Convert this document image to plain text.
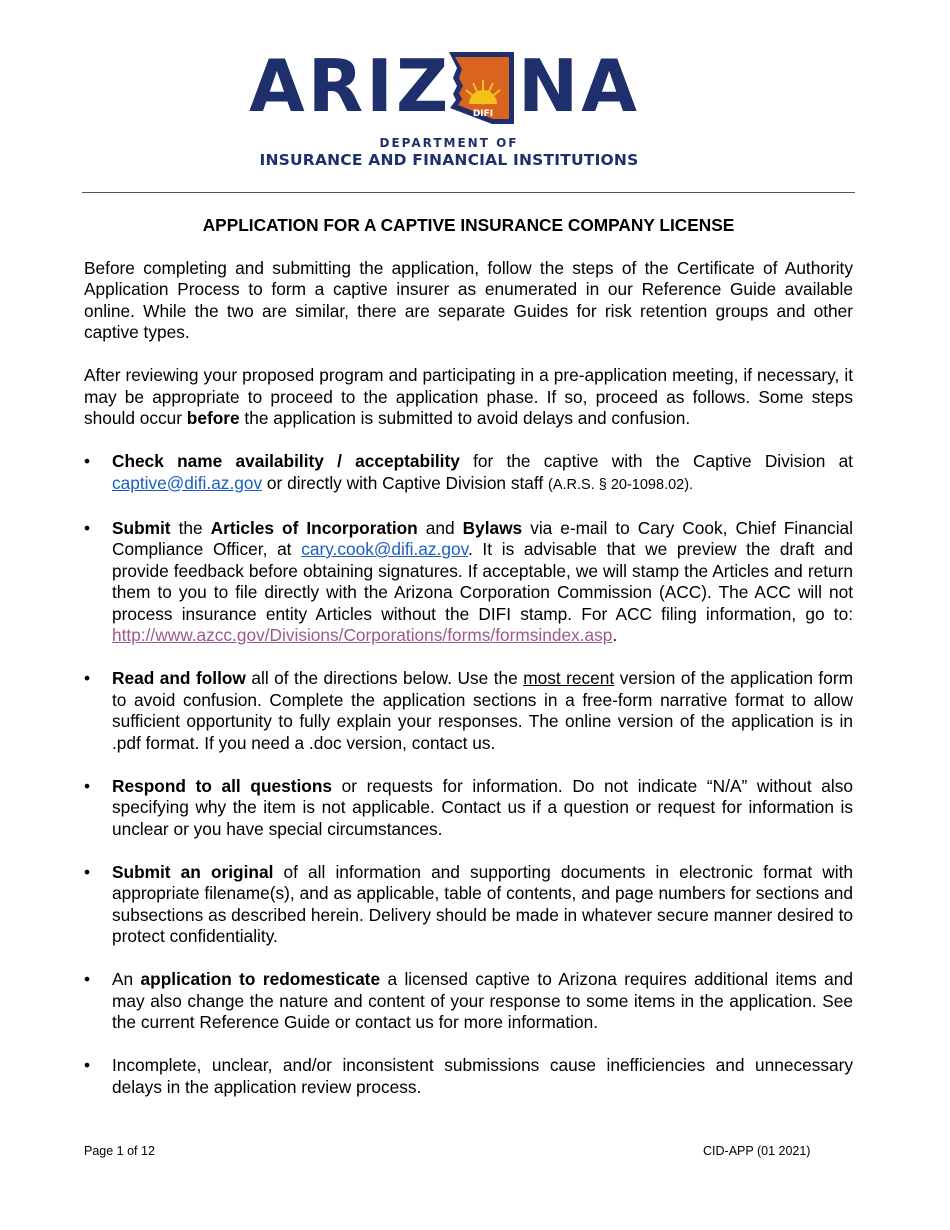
ARIZ DIFI NA
DEPARTMENT OF
INSURANCE AND FINANCIAL INSTITUTIONS
APPLICATION FOR A CAPTIVE INSURANCE COMPANY LICENSE

Before completing and submitting the application, follow the steps of the Certificate of Authority Application Process to form a captive insurer as enumerated in our Reference Guide available online. While the two are similar, there are separate Guides for risk retention groups and other captive types.

After reviewing your proposed program and participating in a pre-application meeting, if necessary, it may be appropriate to proceed to the application phase. If so, proceed as follows. Some steps should occur before the application is submitted to avoid delays and confusion.

• Check name availability / acceptability for the captive with the Captive Division at captive@difi.az.gov or directly with Captive Division staff (A.R.S. § 20-1098.02).
• Submit the Articles of Incorporation and Bylaws via e-mail to Cary Cook, Chief Financial Compliance Officer, at cary.cook@difi.az.gov. It is advisable that we preview the draft and provide feedback before obtaining signatures. If acceptable, we will stamp the Articles and return them to you to file directly with the Arizona Corporation Commission (ACC). The ACC will not process insurance entity Articles without the DIFI stamp. For ACC filing information, go to: http://www.azcc.gov/Divisions/Corporations/forms/formsindex.asp.
• Read and follow all of the directions below. Use the most recent version of the application form to avoid confusion. Complete the application sections in a free-form narrative format to allow sufficient opportunity to fully explain your responses. The online version of the application is in .pdf format. If you need a .doc version, contact us.
• Respond to all questions or requests for information. Do not indicate “N/A” without also specifying why the item is not applicable. Contact us if a question or request for information is unclear or you have special circumstances.
• Submit an original of all information and supporting documents in electronic format with appropriate filename(s), and as applicable, table of contents, and page numbers for sections and subsections as described herein. Delivery should be made in whatever secure manner desired to protect confidentiality.
• An application to redomesticate a licensed captive to Arizona requires additional items and may also change the nature and content of your response to some items in the application. See the current Reference Guide or contact us for more information.
• Incomplete, unclear, and/or inconsistent submissions cause inefficiencies and unnecessary delays in the application review process.
Page 1 of 12	CID-APP (01 2021)
